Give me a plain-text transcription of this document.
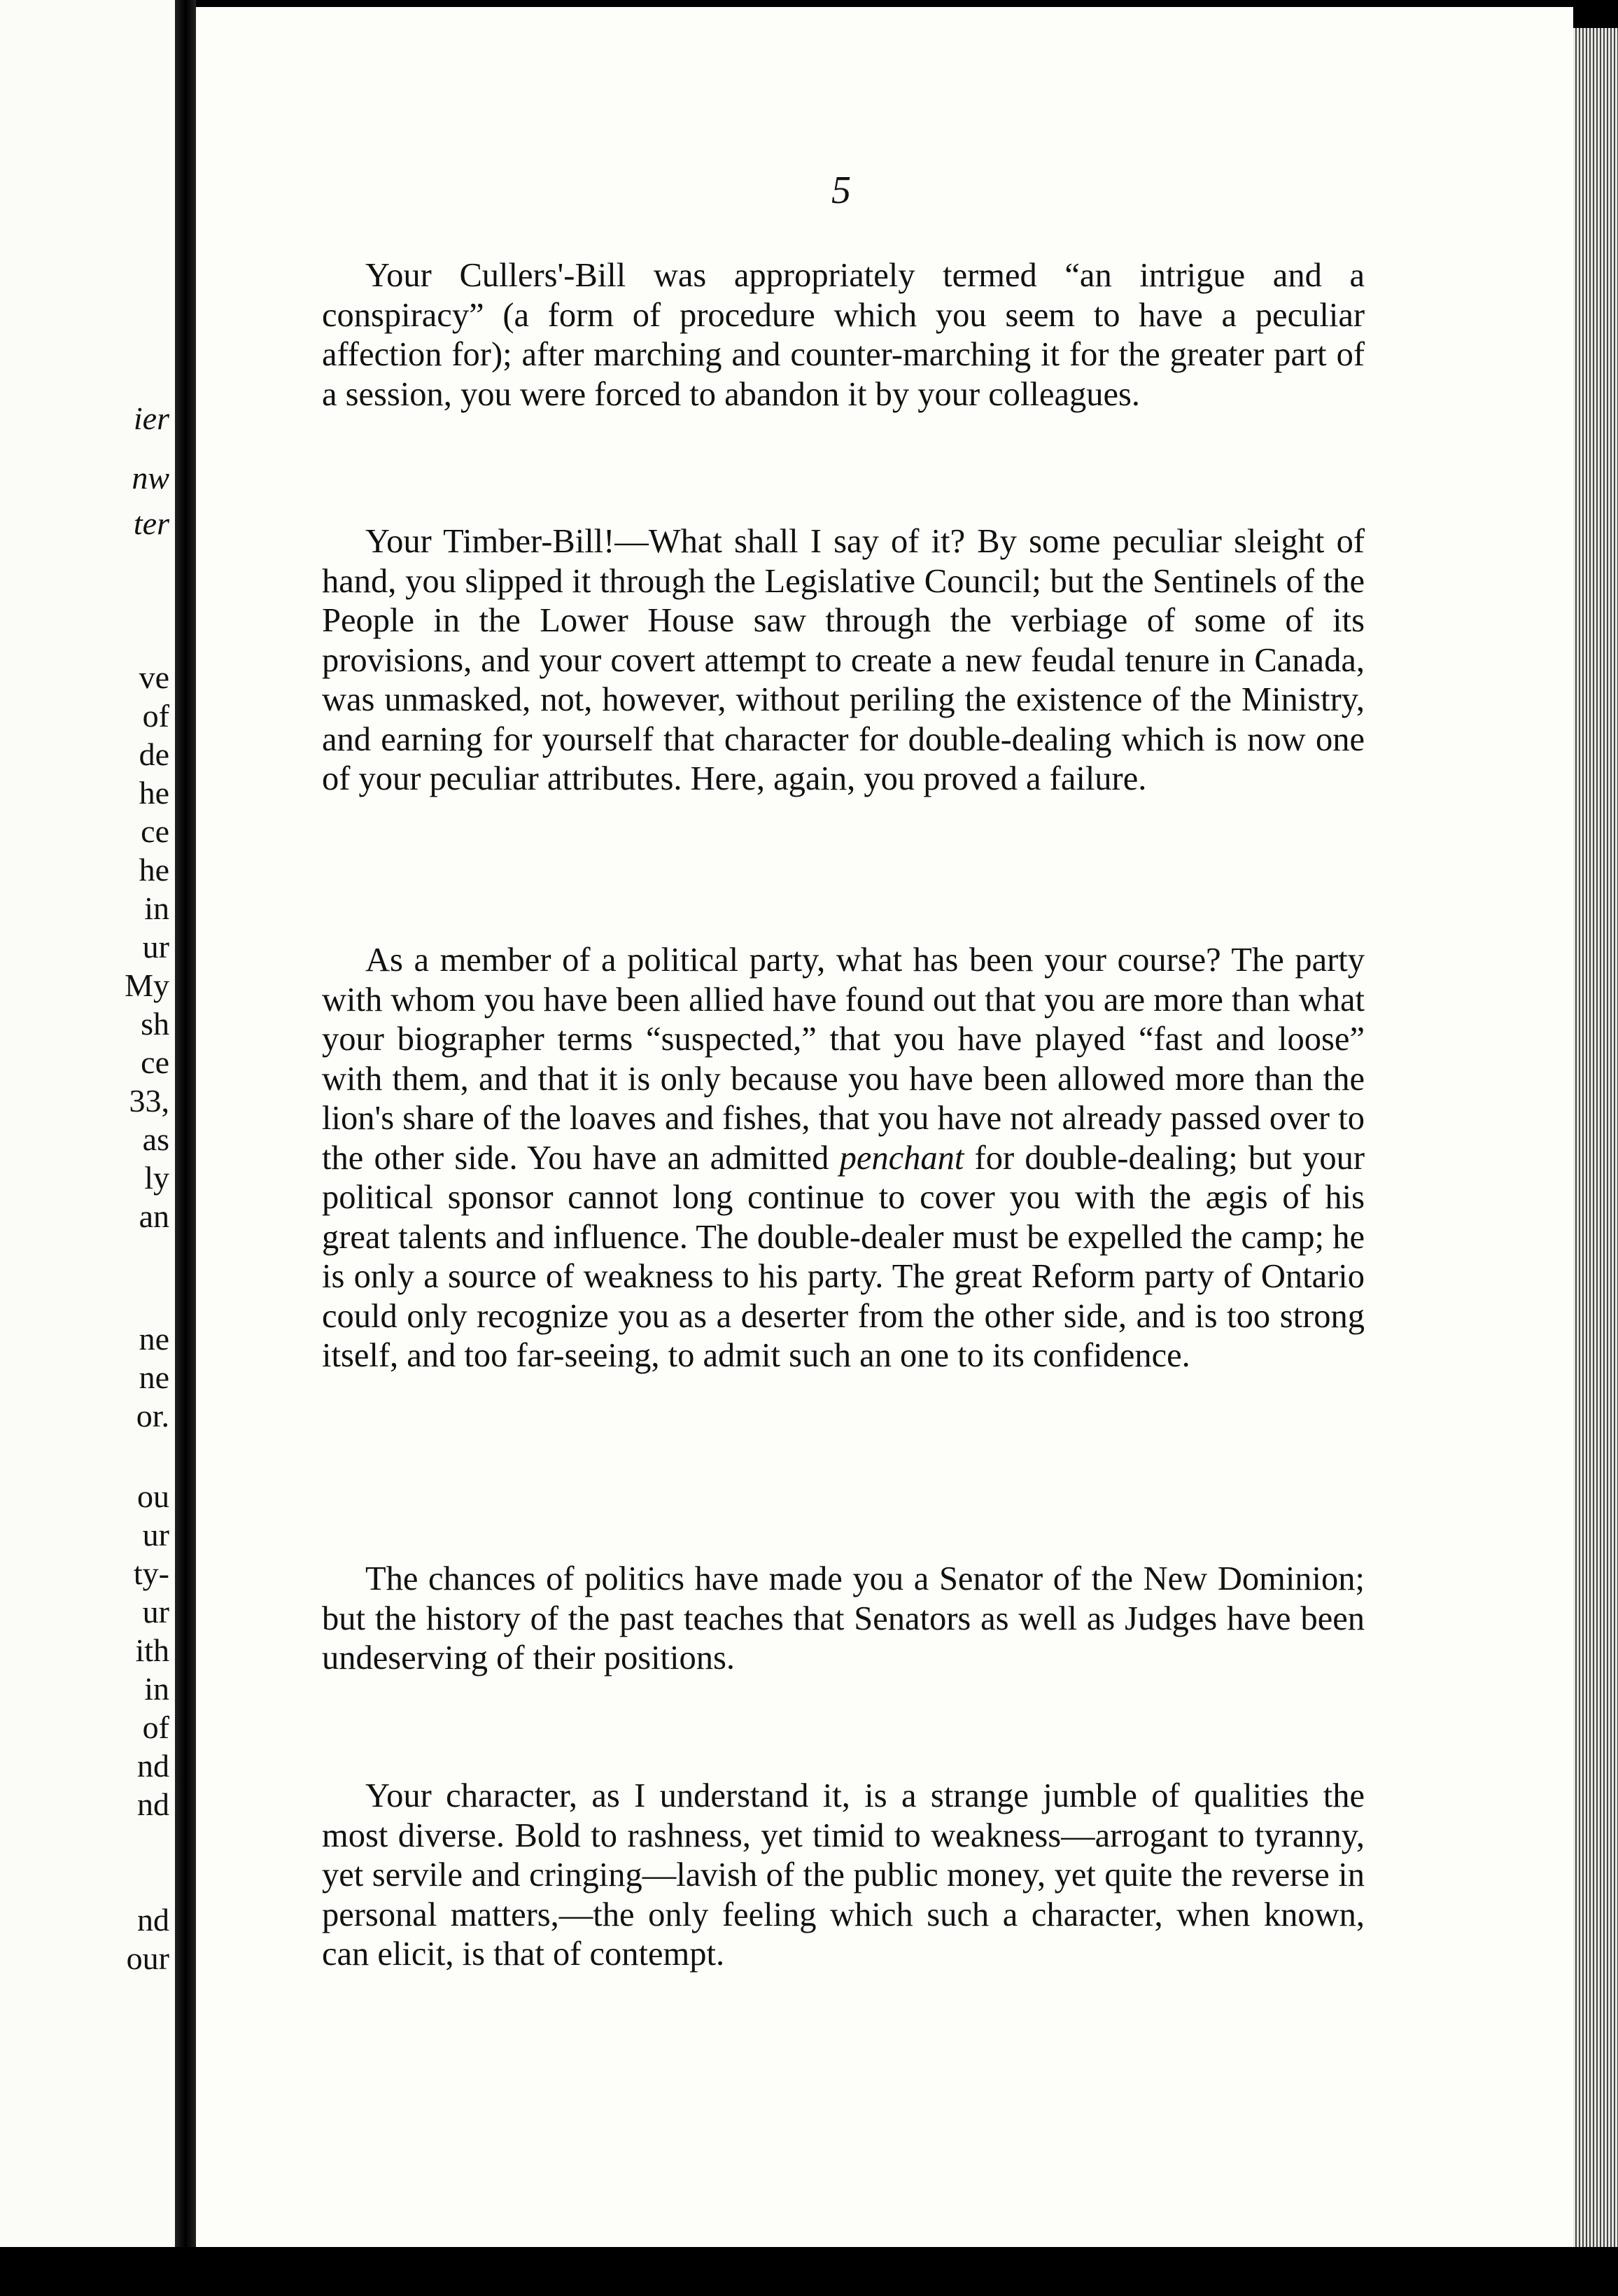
ier
nw
ter
ve
of
de
he
ce
he
in
ur
My
sh
ce
33,
as
ly
an
ne
ne
or.
ou
ur
ty-
ur
ith
in
of
nd
nd
nd
our
5

Your Cullers'-Bill was appropriately termed “an intrigue and a conspiracy” (a form of procedure which you seem to have a peculiar affection for); after marching and counter-marching it for the greater part of a session, you were forced to abandon it by your colleagues.

Your Timber-Bill!—What shall I say of it? By some peculiar sleight of hand, you slipped it through the Legislative Council; but the Sentinels of the People in the Lower House saw through the verbiage of some of its provisions, and your covert attempt to create a new feudal tenure in Canada, was unmasked, not, however, without periling the existence of the Ministry, and earning for yourself that character for double-dealing which is now one of your peculiar attributes. Here, again, you proved a failure.

As a member of a political party, what has been your course? The party with whom you have been allied have found out that you are more than what your biographer terms “suspected,” that you have played “fast and loose” with them, and that it is only because you have been allowed more than the lion's share of the loaves and fishes, that you have not already passed over to the other side. You have an admitted penchant for double-dealing; but your political sponsor cannot long continue to cover you with the ægis of his great talents and influence. The double-dealer must be expelled the camp; he is only a source of weakness to his party. The great Reform party of Ontario could only recognize you as a deserter from the other side, and is too strong itself, and too far-seeing, to admit such an one to its confidence.

The chances of politics have made you a Senator of the New Dominion; but the history of the past teaches that Senators as well as Judges have been undeserving of their positions.

Your character, as I understand it, is a strange jumble of qualities the most diverse. Bold to rashness, yet timid to weakness—arrogant to tyranny, yet servile and cringing—lavish of the public money, yet quite the reverse in personal matters,—the only feeling which such a character, when known, can elicit, is that of contempt.
